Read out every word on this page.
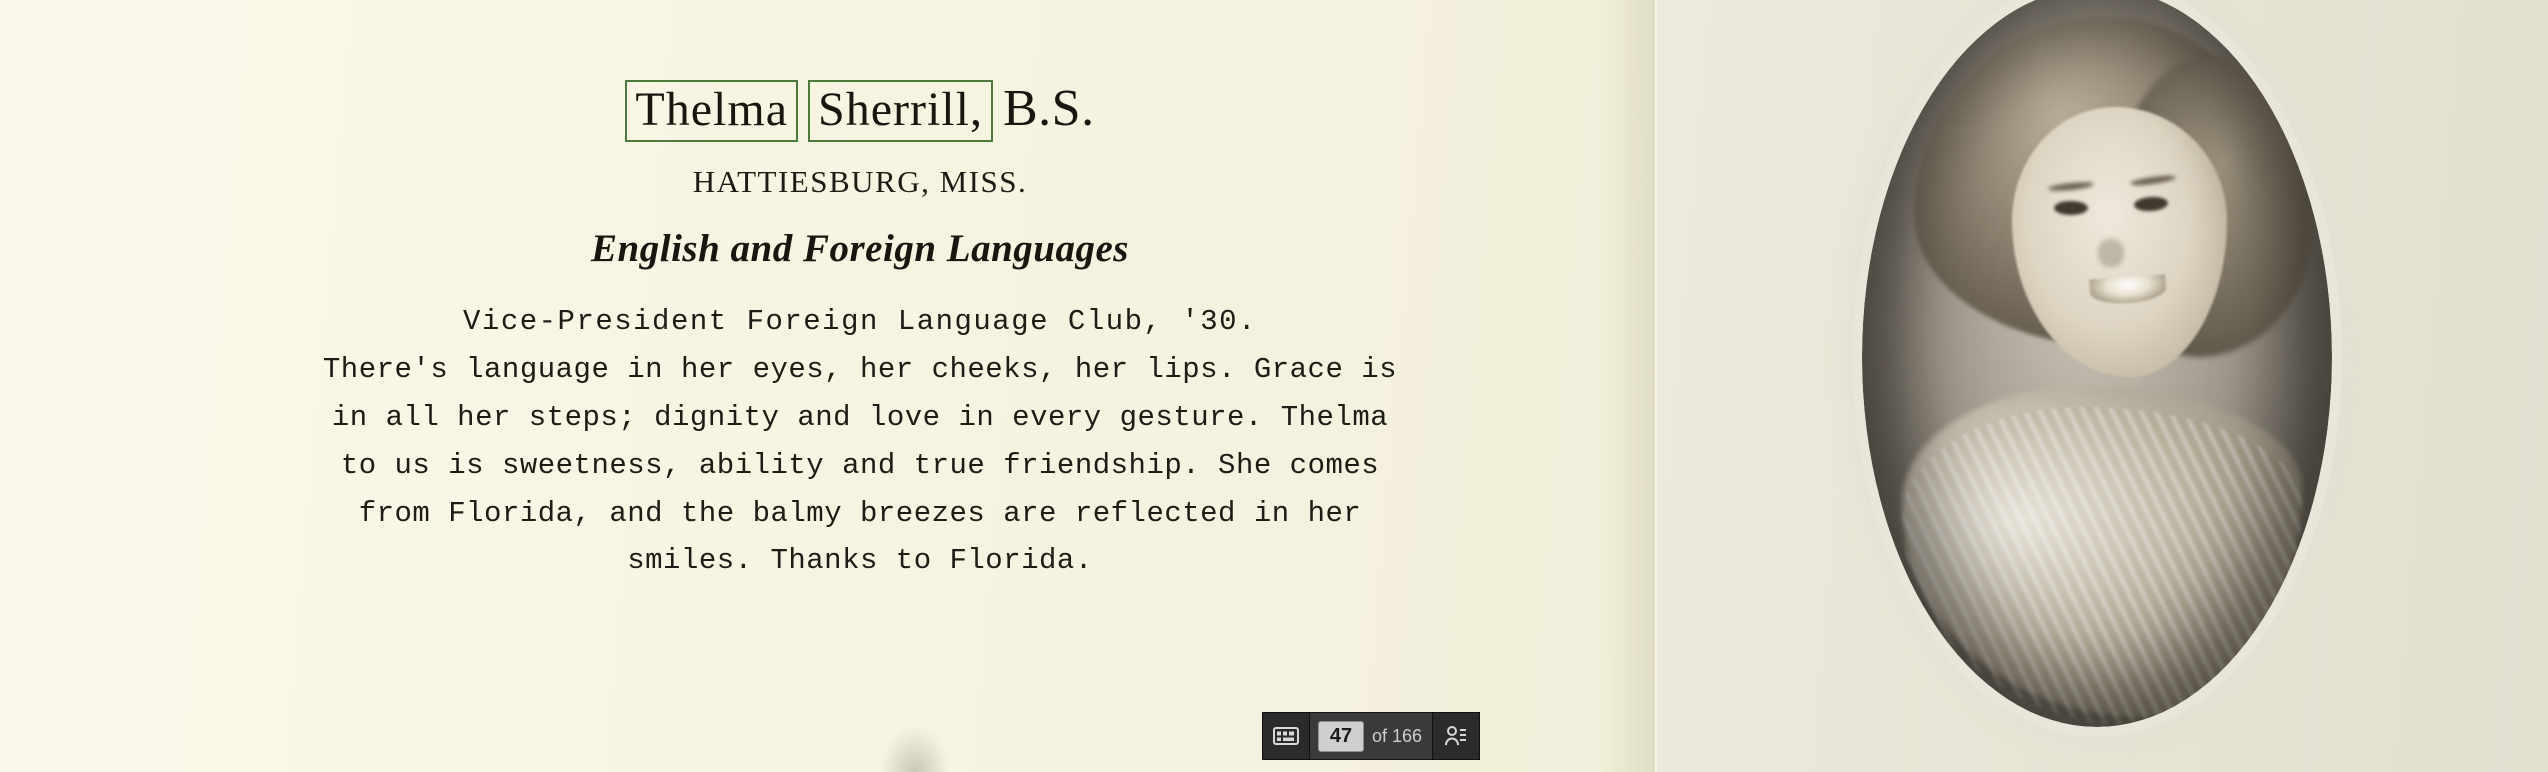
Thelma Sherrill, B.S.
HATTIESBURG, MISS.
English and Foreign Languages
Vice-President Foreign Language Club, '30.
There's language in her eyes, her cheeks, her lips. Grace is
in all her steps; dignity and love in every gesture. Thelma
to us is sweetness, ability and true friendship. She comes
from Florida, and the balmy breezes are reflected in her
smiles. Thanks to Florida.
47	of 166
